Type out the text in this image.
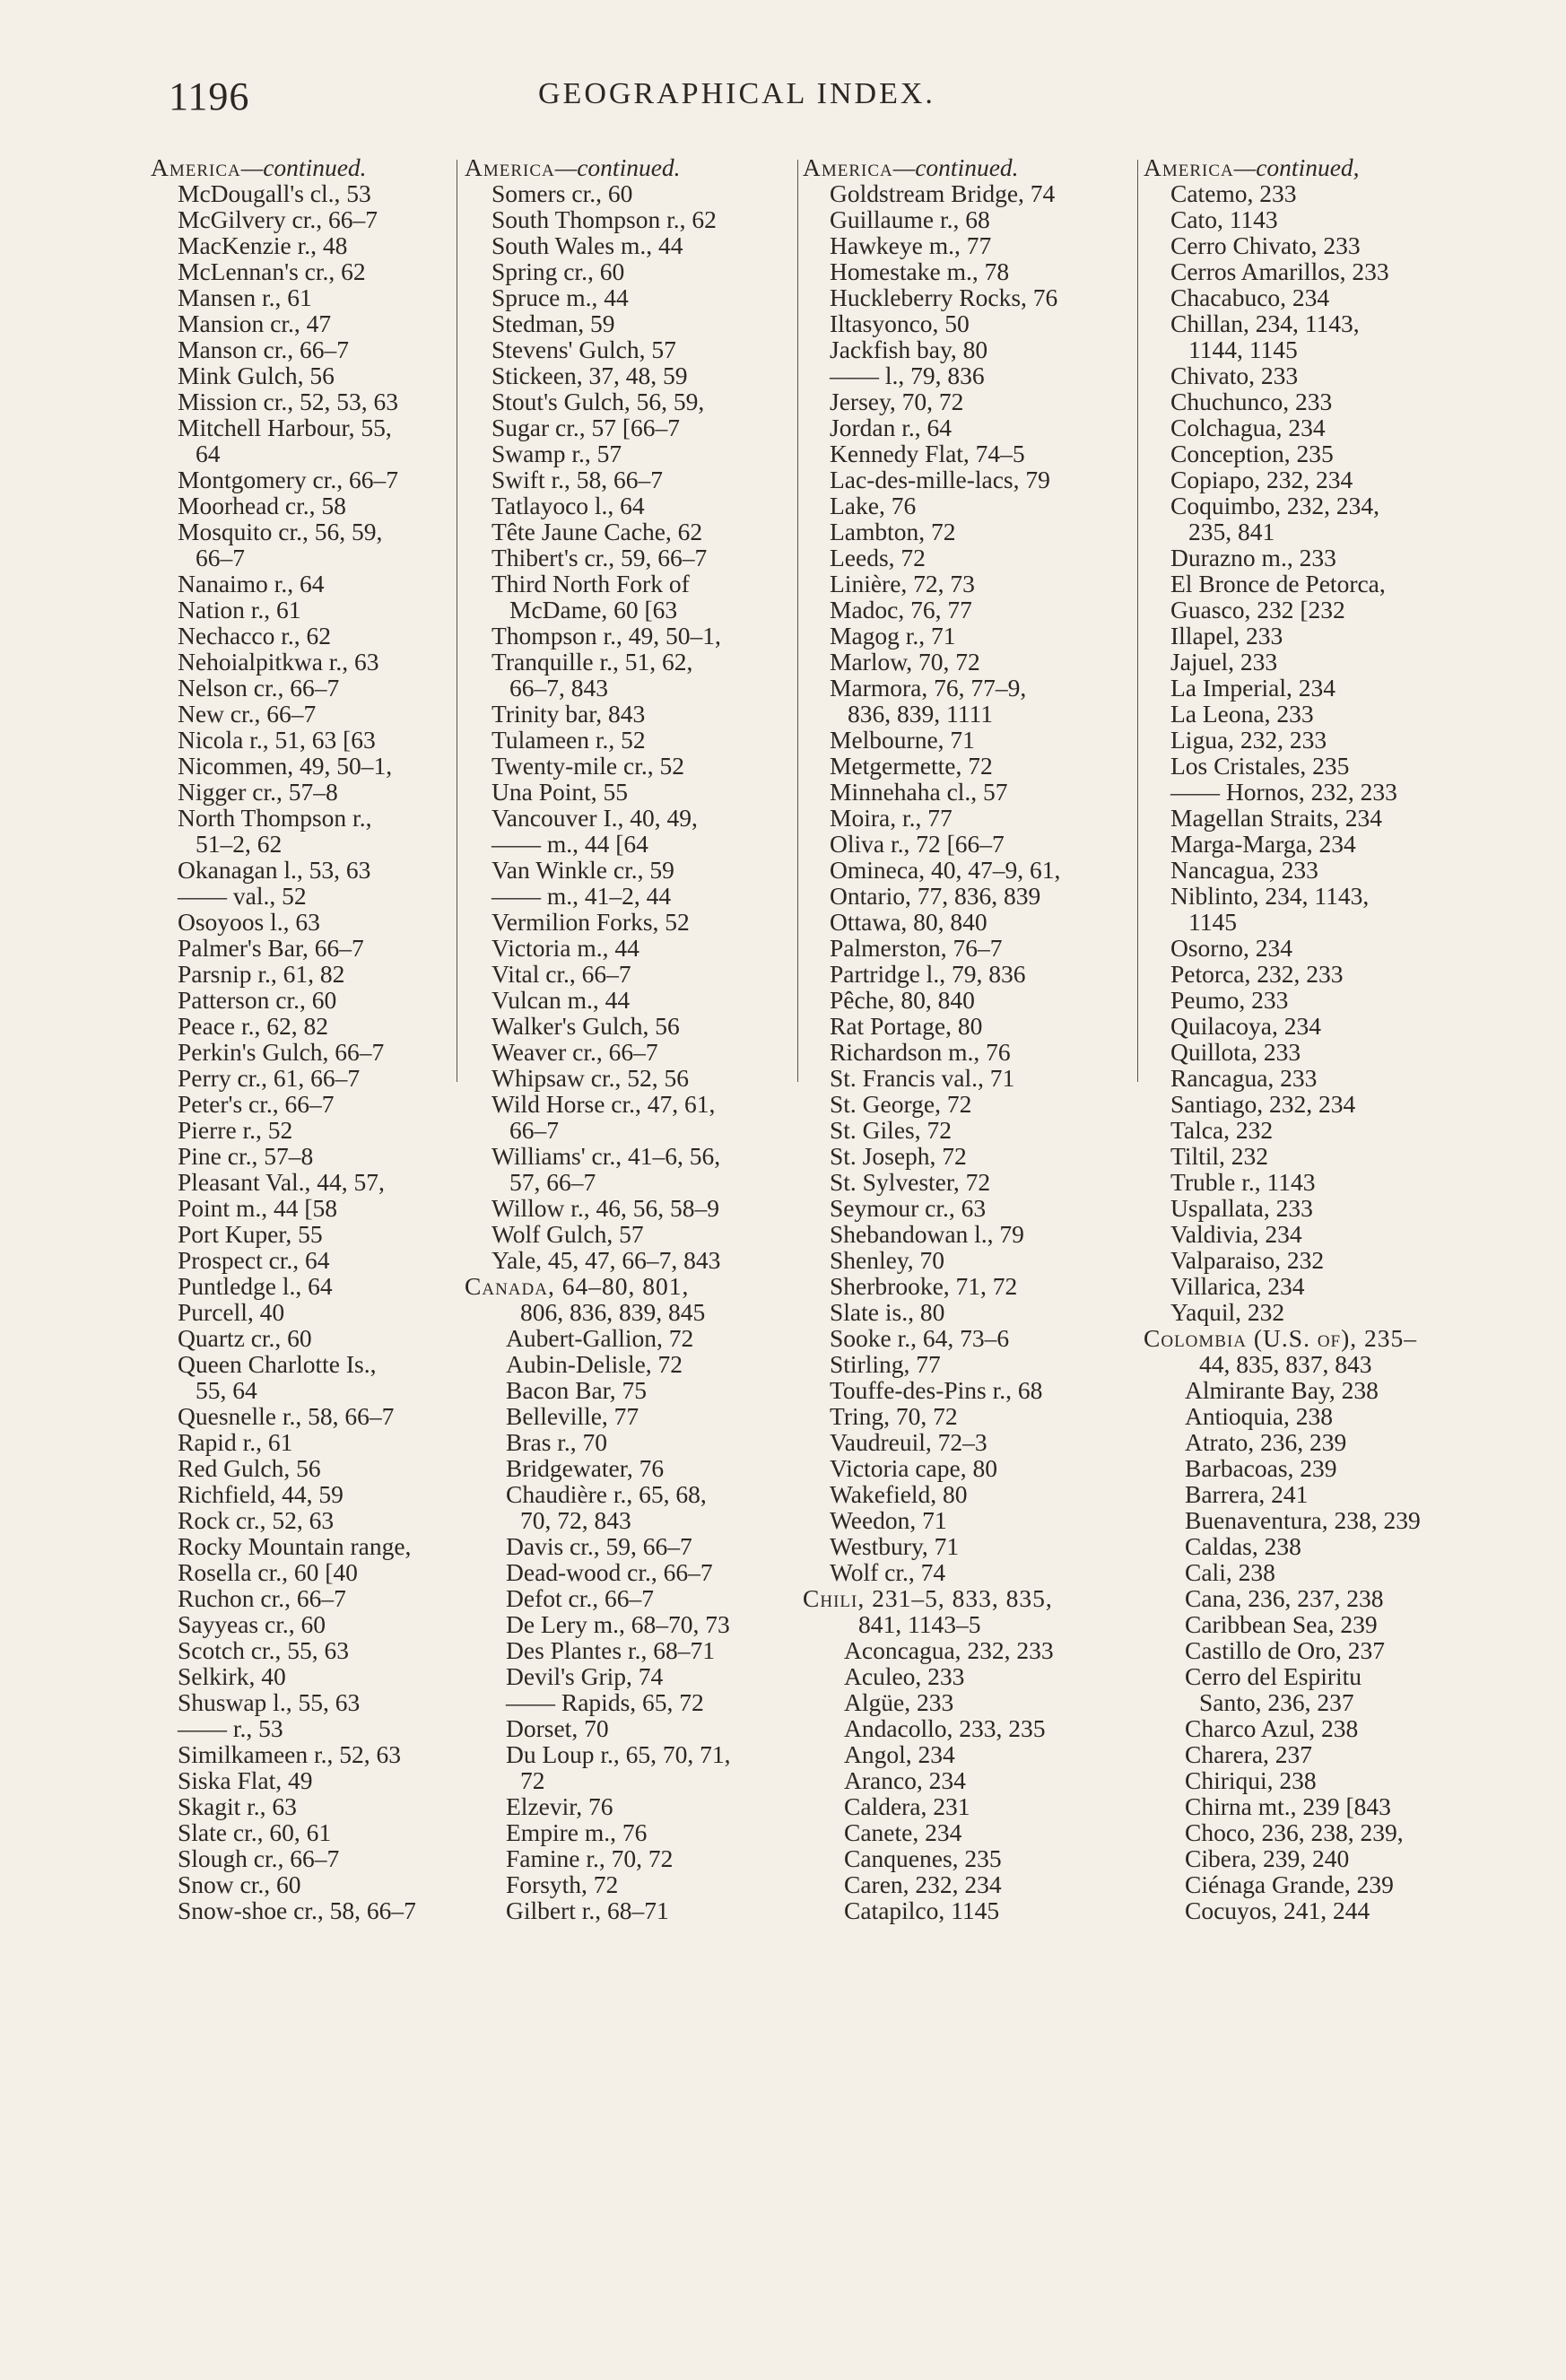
1196	GEOGRAPHICAL INDEX.
America—continued.
McDougall's cl., 53
McGilvery cr., 66–7
MacKenzie r., 48
McLennan's cr., 62
Mansen r., 61
Mansion cr., 47
Manson cr., 66–7
Mink Gulch, 56
Mission cr., 52, 53, 63
Mitchell Harbour, 55,
64
Montgomery cr., 66–7
Moorhead cr., 58
Mosquito cr., 56, 59,
66–7
Nanaimo r., 64
Nation r., 61
Nechacco r., 62
Nehoialpitkwa r., 63
Nelson cr., 66–7
New cr., 66–7
Nicola r., 51, 63 [63
Nicommen, 49, 50–1,
Nigger cr., 57–8
North Thompson r.,
51–2, 62
Okanagan l., 53, 63
—— val., 52
Osoyoos l., 63
Palmer's Bar, 66–7
Parsnip r., 61, 82
Patterson cr., 60
Peace r., 62, 82
Perkin's Gulch, 66–7
Perry cr., 61, 66–7
Peter's cr., 66–7
Pierre r., 52
Pine cr., 57–8
Pleasant Val., 44, 57,
Point m., 44 [58
Port Kuper, 55
Prospect cr., 64
Puntledge l., 64
Purcell, 40
Quartz cr., 60
Queen Charlotte Is.,
55, 64
Quesnelle r., 58, 66–7
Rapid r., 61
Red Gulch, 56
Richfield, 44, 59
Rock cr., 52, 63
Rocky Mountain range,
Rosella cr., 60 [40
Ruchon cr., 66–7
Sayyeas cr., 60
Scotch cr., 55, 63
Selkirk, 40
Shuswap l., 55, 63
—— r., 53
Similkameen r., 52, 63
Siska Flat, 49
Skagit r., 63
Slate cr., 60, 61
Slough cr., 66–7
Snow cr., 60
Snow-shoe cr., 58, 66–7
America—continued.
Somers cr., 60
South Thompson r., 62
South Wales m., 44
Spring cr., 60
Spruce m., 44
Stedman, 59
Stevens' Gulch, 57
Stickeen, 37, 48, 59
Stout's Gulch, 56, 59,
Sugar cr., 57 [66–7
Swamp r., 57
Swift r., 58, 66–7
Tatlayoco l., 64
Tête Jaune Cache, 62
Thibert's cr., 59, 66–7
Third North Fork of
McDame, 60 [63
Thompson r., 49, 50–1,
Tranquille r., 51, 62,
66–7, 843
Trinity bar, 843
Tulameen r., 52
Twenty-mile cr., 52
Una Point, 55
Vancouver I., 40, 49,
—— m., 44 [64
Van Winkle cr., 59
—— m., 41–2, 44
Vermilion Forks, 52
Victoria m., 44
Vital cr., 66–7
Vulcan m., 44
Walker's Gulch, 56
Weaver cr., 66–7
Whipsaw cr., 52, 56
Wild Horse cr., 47, 61,
66–7
Williams' cr., 41–6, 56,
57, 66–7
Willow r., 46, 56, 58–9
Wolf Gulch, 57
Yale, 45, 47, 66–7, 843
Canada, 64–80, 801,
806, 836, 839, 845
Aubert-Gallion, 72
Aubin-Delisle, 72
Bacon Bar, 75
Belleville, 77
Bras r., 70
Bridgewater, 76
Chaudière r., 65, 68,
70, 72, 843
Davis cr., 59, 66–7
Dead-wood cr., 66–7
Defot cr., 66–7
De Lery m., 68–70, 73
Des Plantes r., 68–71
Devil's Grip, 74
—— Rapids, 65, 72
Dorset, 70
Du Loup r., 65, 70, 71,
72
Elzevir, 76
Empire m., 76
Famine r., 70, 72
Forsyth, 72
Gilbert r., 68–71
America—continued.
Goldstream Bridge, 74
Guillaume r., 68
Hawkeye m., 77
Homestake m., 78
Huckleberry Rocks, 76
Iltasyonco, 50
Jackfish bay, 80
—— l., 79, 836
Jersey, 70, 72
Jordan r., 64
Kennedy Flat, 74–5
Lac-des-mille-lacs, 79
Lake, 76
Lambton, 72
Leeds, 72
Linière, 72, 73
Madoc, 76, 77
Magog r., 71
Marlow, 70, 72
Marmora, 76, 77–9,
836, 839, 1111
Melbourne, 71
Metgermette, 72
Minnehaha cl., 57
Moira, r., 77
Oliva r., 72 [66–7
Omineca, 40, 47–9, 61,
Ontario, 77, 836, 839
Ottawa, 80, 840
Palmerston, 76–7
Partridge l., 79, 836
Pêche, 80, 840
Rat Portage, 80
Richardson m., 76
St. Francis val., 71
St. George, 72
St. Giles, 72
St. Joseph, 72
St. Sylvester, 72
Seymour cr., 63
Shebandowan l., 79
Shenley, 70
Sherbrooke, 71, 72
Slate is., 80
Sooke r., 64, 73–6
Stirling, 77
Touffe-des-Pins r., 68
Tring, 70, 72
Vaudreuil, 72–3
Victoria cape, 80
Wakefield, 80
Weedon, 71
Westbury, 71
Wolf cr., 74
Chili, 231–5, 833, 835,
841, 1143–5
Aconcagua, 232, 233
Aculeo, 233
Algüe, 233
Andacollo, 233, 235
Angol, 234
Aranco, 234
Caldera, 231
Canete, 234
Canquenes, 235
Caren, 232, 234
Catapilco, 1145
America—continued,
Catemo, 233
Cato, 1143
Cerro Chivato, 233
Cerros Amarillos, 233
Chacabuco, 234
Chillan, 234, 1143,
1144, 1145
Chivato, 233
Chuchunco, 233
Colchagua, 234
Conception, 235
Copiapo, 232, 234
Coquimbo, 232, 234,
235, 841
Durazno m., 233
El Bronce de Petorca,
Guasco, 232 [232
Illapel, 233
Jajuel, 233
La Imperial, 234
La Leona, 233
Ligua, 232, 233
Los Cristales, 235
—— Hornos, 232, 233
Magellan Straits, 234
Marga-Marga, 234
Nancagua, 233
Niblinto, 234, 1143,
1145
Osorno, 234
Petorca, 232, 233
Peumo, 233
Quilacoya, 234
Quillota, 233
Rancagua, 233
Santiago, 232, 234
Talca, 232
Tiltil, 232
Truble r., 1143
Uspallata, 233
Valdivia, 234
Valparaiso, 232
Villarica, 234
Yaquil, 232
Colombia (U.S. of), 235–
44, 835, 837, 843
Almirante Bay, 238
Antioquia, 238
Atrato, 236, 239
Barbacoas, 239
Barrera, 241
Buenaventura, 238, 239
Caldas, 238
Cali, 238
Cana, 236, 237, 238
Caribbean Sea, 239
Castillo de Oro, 237
Cerro del Espiritu
Santo, 236, 237
Charco Azul, 238
Charera, 237
Chiriqui, 238
Chirna mt., 239 [843
Choco, 236, 238, 239,
Cibera, 239, 240
Ciénaga Grande, 239
Cocuyos, 241, 244
